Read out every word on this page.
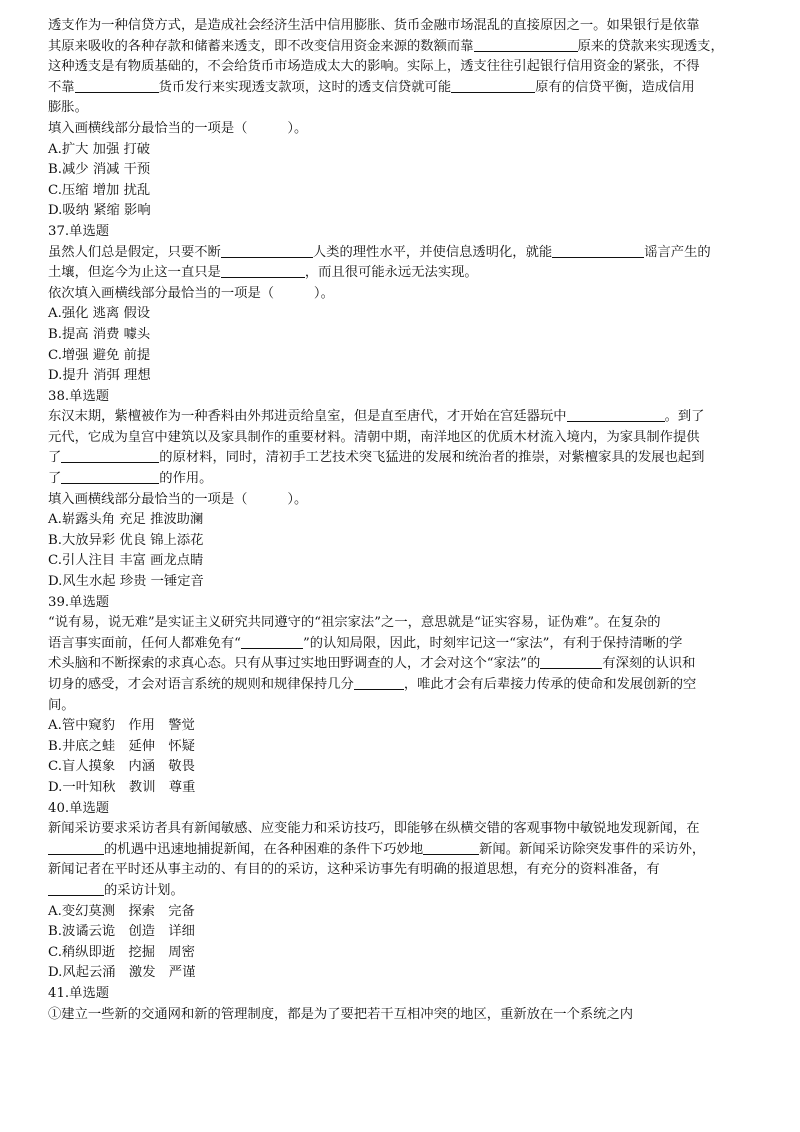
透支作为一种信贷方式，是造成社会经济生活中信用膨胀、货币金融市场混乱的直接原因之一。如果银行是依靠
其原来吸收的各种存款和储蓄来透支，即不改变信用资金来源的数额而靠	原来的贷款来实现透支，
这种透支是有物质基础的，不会给货币市场造成太大的影响。实际上，透支往往引起银行信用资金的紧张，不得
不靠	货币发行来实现透支款项，这时的透支信贷就可能	原有的信贷平衡，造成信用
膨胀。
填入画横线部分最恰当的一项是（　　　）。
A.扩大 加强 打破
B.减少 消减 干预
C.压缩 增加 扰乱
D.吸纳 紧缩 影响
37.单选题
虽然人们总是假定，只要不断	人类的理性水平，并使信息透明化，就能	谣言产生的
土壤，但迄今为止这一直只是	，而且很可能永远无法实现。
依次填入画横线部分最恰当的一项是（　　　）。
A.强化 逃离 假设
B.提高 消费 噱头
C.增强 避免 前提
D.提升 消弭 理想
38.单选题
东汉末期，紫檀被作为一种香料由外邦进贡给皇室，但是直至唐代，才开始在宫廷器玩中	。到了
元代，它成为皇宫中建筑以及家具制作的重要材料。清朝中期，南洋地区的优质木材流入境内，为家具制作提供
了	的原材料，同时，清初手工艺技术突飞猛进的发展和统治者的推崇，对紫檀家具的发展也起到
了	的作用。
填入画横线部分最恰当的一项是（　　　）。
A.崭露头角 充足 推波助澜
B.大放异彩 优良 锦上添花
C.引人注目 丰富 画龙点睛
D.风生水起 珍贵 一锤定音
39.单选题
“说有易，说无难”是实证主义研究共同遵守的“祖宗家法”之一，意思就是“证实容易，证伪难”。在复杂的
语言事实面前，任何人都难免有“	”的认知局限，因此，时刻牢记这一“家法”，有利于保持清晰的学
术头脑和不断探索的求真心态。只有从事过实地田野调查的人，才会对这个“家法”的	有深刻的认识和
切身的感受，才会对语言系统的规则和规律保持几分	，唯此才会有后辈接力传承的使命和发展创新的空
间。
A.管中窥豹　作用　警觉
B.井底之蛙　延伸　怀疑
C.盲人摸象　内涵　敬畏
D.一叶知秋　教训　尊重
40.单选题
新闻采访要求采访者具有新闻敏感、应变能力和采访技巧，即能够在纵横交错的客观事物中敏锐地发现新闻，在
的机遇中迅速地捕捉新闻，在各种困难的条件下巧妙地	新闻。新闻采访除突发事件的采访外，
新闻记者在平时还从事主动的、有目的的采访，这种采访事先有明确的报道思想，有充分的资料准备，有
的采访计划。
A.变幻莫测　探索　完备
B.波谲云诡　创造　详细
C.稍纵即逝　挖掘　周密
D.风起云涌　激发　严谨
41.单选题
①建立一些新的交通网和新的管理制度，都是为了要把若干互相冲突的地区，重新放在一个系统之内
